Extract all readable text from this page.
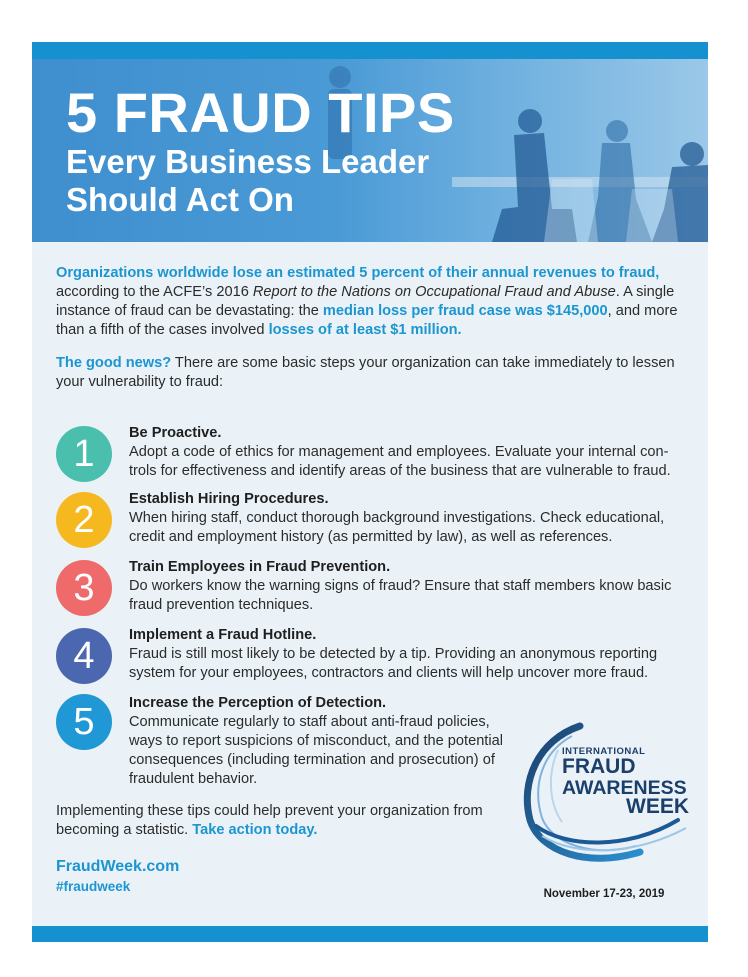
5 FRAUD TIPS
Every Business Leader
Should Act On
Organizations worldwide lose an estimated 5 percent of their annual revenues to fraud,
according to the ACFE’s 2016 Report to the Nations on Occupational Fraud and Abuse. A single
instance of fraud can be devastating: the median loss per fraud case was $145,000, and more
than a fifth of the cases involved losses of at least $1 million.
The good news? There are some basic steps your organization can take immediately to lessen
your vulnerability to fraud:
1	Be Proactive.
Adopt a code of ethics for management and employees. Evaluate your internal con-
trols for effectiveness and identify areas of the business that are vulnerable to fraud.
2	Establish Hiring Procedures.
When hiring staff, conduct thorough background investigations. Check educational,
credit and employment history (as permitted by law), as well as references.
3	Train Employees in Fraud Prevention.
Do workers know the warning signs of fraud? Ensure that staff members know basic
fraud prevention techniques.
4	Implement a Fraud Hotline.
Fraud is still most likely to be detected by a tip. Providing an anonymous reporting
system for your employees, contractors and clients will help uncover more fraud.
5	Increase the Perception of Detection.
Communicate regularly to staff about anti-fraud policies,
ways to report suspicions of misconduct, and the potential
consequences (including termination and prosecution) of
fraudulent behavior.
Implementing these tips could help prevent your organization from
becoming a statistic. Take action today.
FraudWeek.com
#fraudweek
INTERNATIONAL
FRAUD
AWARENESS
WEEK
November 17-23, 2019
